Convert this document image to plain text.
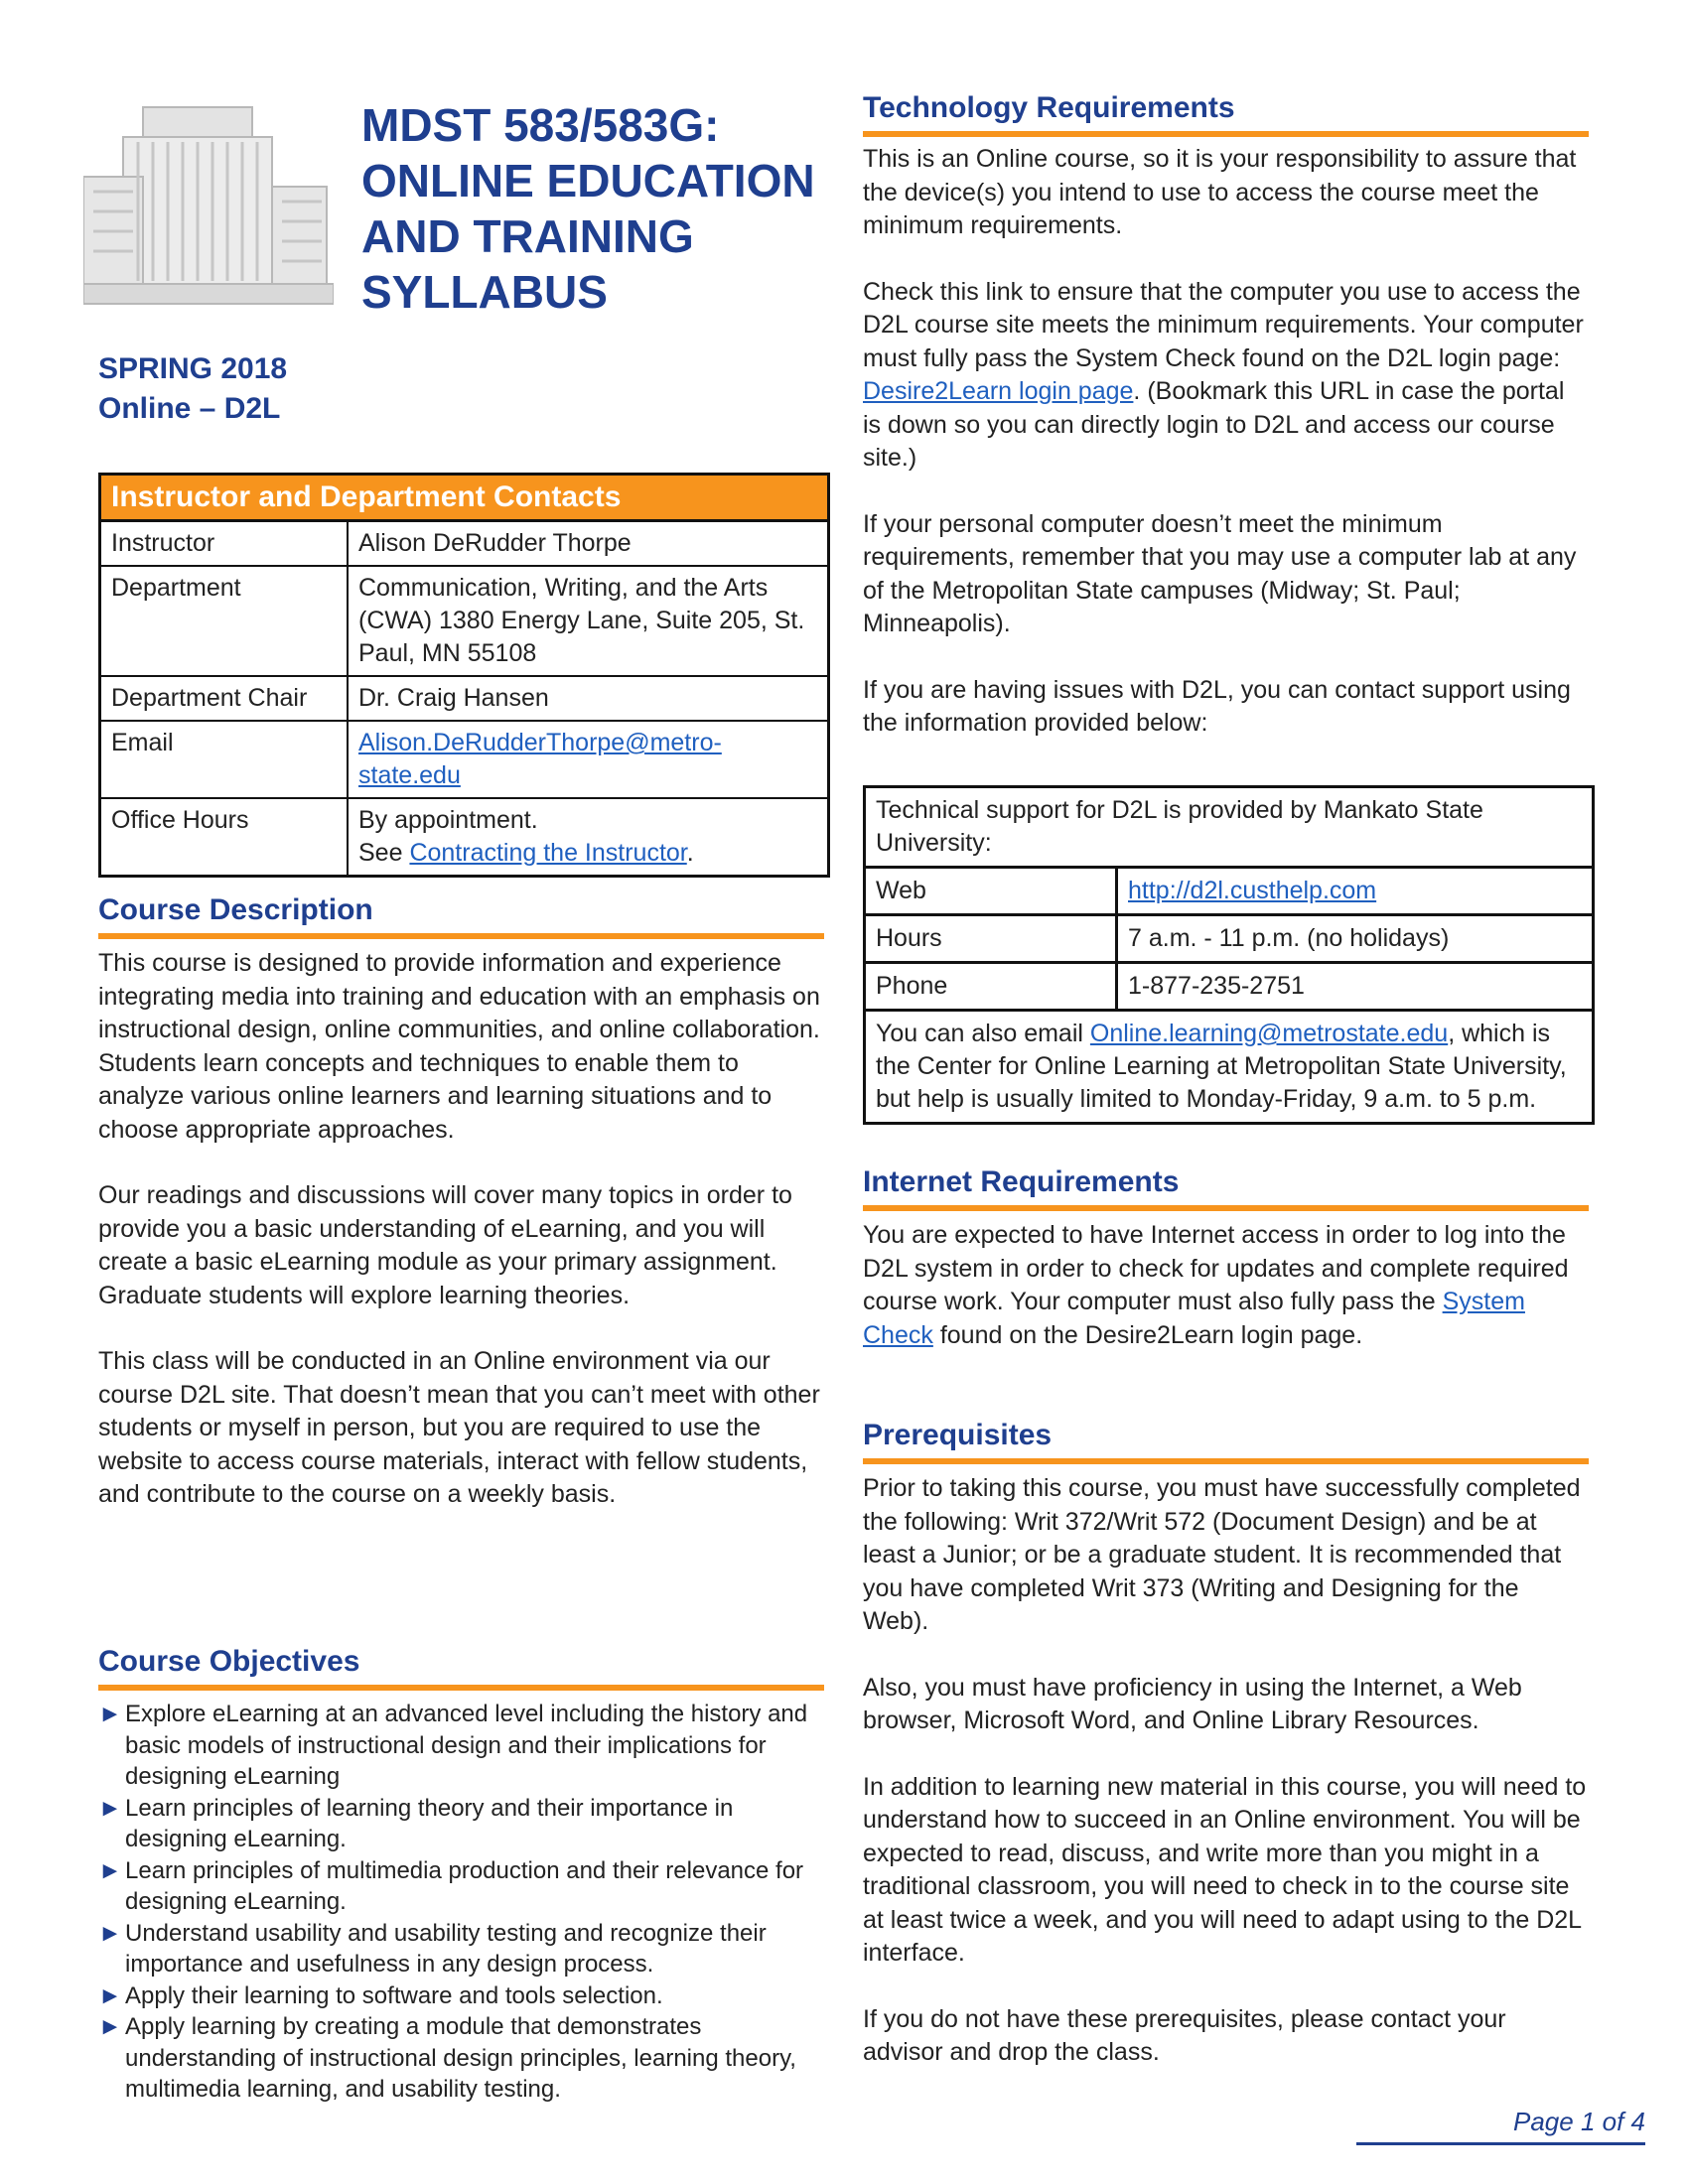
MDST 583/583G:
ONLINE EDUCATION
AND TRAINING
SYLLABUS
SPRING 2018
Online – D2L
Instructor and Department Contacts
Instructor	Alison DeRudder Thorpe
Department	Communication, Writing, and the Arts (CWA) 1380 Energy Lane, Suite 205, St. Paul, MN 55108
Department Chair	Dr. Craig Hansen
Email	Alison.DeRudderThorpe@metro-state.edu
Office Hours	By appointment.
See Contracting the Instructor.
Course Description

This course is designed to provide information and experience integrating media into training and education with an emphasis on instructional design, online communities, and online collaboration. Students learn concepts and techniques to enable them to analyze various online learners and learning situations and to choose appropriate approaches.

Our readings and discussions will cover many topics in order to provide you a basic understanding of eLearning, and you will create a basic eLearning module as your primary assignment. Graduate students will explore learning theories.

This class will be conducted in an Online environment via our course D2L site. That doesn’t mean that you can’t meet with other students or myself in person, but you are required to use the website to access course materials, interact with fellow students, and contribute to the course on a weekly basis.

Course Objectives
► Explore eLearning at an advanced level including the history and basic models of instructional design and their implications for designing eLearning
► Learn principles of learning theory and their importance in designing eLearning.
► Learn principles of multimedia production and their relevance for designing eLearning.
► Understand usability and usability testing and recognize their importance and usefulness in any design process.
► Apply their learning to software and tools selection.
► Apply learning by creating a module that demonstrates understanding of instructional design principles, learning theory, multimedia learning, and usability testing.
Technology Requirements

This is an Online course, so it is your responsibility to assure that the device(s) you intend to use to access the course meet the minimum requirements.

Check this link to ensure that the computer you use to access the D2L course site meets the minimum requirements. Your computer must fully pass the System Check found on the D2L login page: Desire2Learn login page. (Bookmark this URL in case the portal is down so you can directly login to D2L and access our course site.)

If your personal computer doesn’t meet the minimum requirements, remember that you may use a computer lab at any of the Metropolitan State campuses (Midway; St. Paul; Minneapolis).

If you are having issues with D2L, you can contact support using the information provided below:

Technical support for D2L is provided by Mankato State University:
Web	http://d2l.custhelp.com
Hours	7 a.m. - 11 p.m. (no holidays)
Phone	1-877-235-2751
You can also email Online.learning@metrostate.edu, which is the Center for Online Learning at Metropolitan State University, but help is usually limited to Monday-Friday, 9 a.m. to 5 p.m.
Internet Requirements

You are expected to have Internet access in order to log into the D2L system in order to check for updates and complete required course work. Your computer must also fully pass the System Check found on the Desire2Learn login page.

Prerequisites

Prior to taking this course, you must have successfully completed the following: Writ 372/Writ 572 (Document Design) and be at least a Junior; or be a graduate student. It is recommended that you have completed Writ 373 (Writing and Designing for the Web).

Also, you must have proficiency in using the Internet, a Web browser, Microsoft Word, and Online Library Resources.

In addition to learning new material in this course, you will need to understand how to succeed in an Online environment. You will be expected to read, discuss, and write more than you might in a traditional classroom, you will need to check in to the course site at least twice a week, and you will need to adapt using to the D2L interface.

If you do not have these prerequisites, please contact your advisor and drop the class.

Page 1 of 4
